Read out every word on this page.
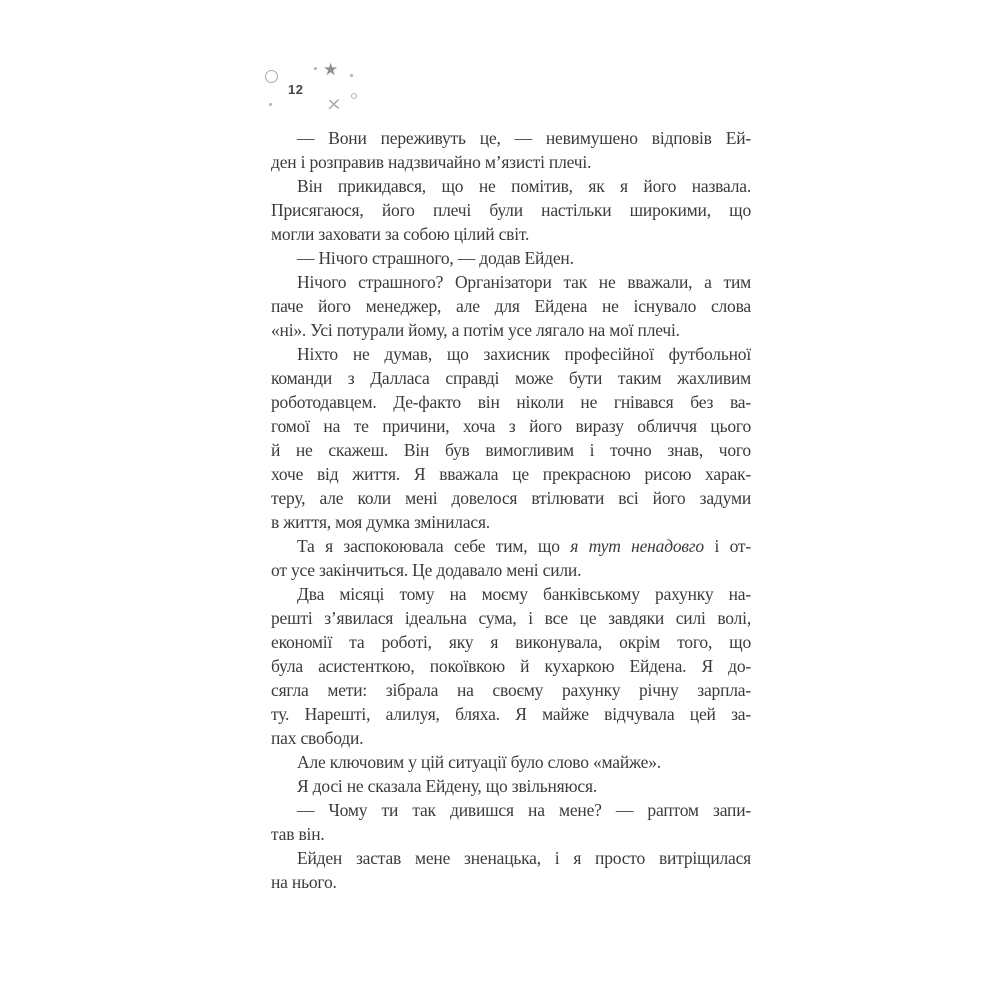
12
★
— Вони переживуть це, — невимушено відповів Ей-
ден і розправив надзвичайно м’язисті плечі.
Він прикидався, що не помітив, як я його назвала.
Присягаюся, його плечі були настільки широкими, що
могли заховати за собою цілий світ.
— Нічого страшного, — додав Ейден.
Нічого страшного? Організатори так не вважали, а тим
паче його менеджер, але для Ейдена не існувало слова
«ні». Усі потурали йому, а потім усе лягало на мої плечі.
Ніхто не думав, що захисник професійної футбольної
команди з Далласа справді може бути таким жахливим
роботодавцем. Де-факто він ніколи не гнівався без ва-
гомої на те причини, хоча з його виразу обличчя цього
й не скажеш. Він був вимогливим і точно знав, чого
хоче від життя. Я вважала це прекрасною рисою харак-
теру, але коли мені довелося втілювати всі його задуми
в життя, моя думка змінилася.
Та я заспокоювала себе тим, що я тут ненадовго і от-
от усе закінчиться. Це додавало мені сили.
Два місяці тому на моєму банківському рахунку на-
решті з’явилася ідеальна сума, і все це завдяки силі волі,
економії та роботі, яку я виконувала, окрім того, що
була асистенткою, покоївкою й кухаркою Ейдена. Я до-
сягла мети: зібрала на своєму рахунку річну зарпла-
ту. Нарешті, алилуя, бляха. Я майже відчувала цей за-
пах свободи.
Але ключовим у цій ситуації було слово «майже».
Я досі не сказала Ейдену, що звільняюся.
— Чому ти так дивишся на мене? — раптом запи-
тав він.
Ейден застав мене зненацька, і я просто витріщилася
на нього.
